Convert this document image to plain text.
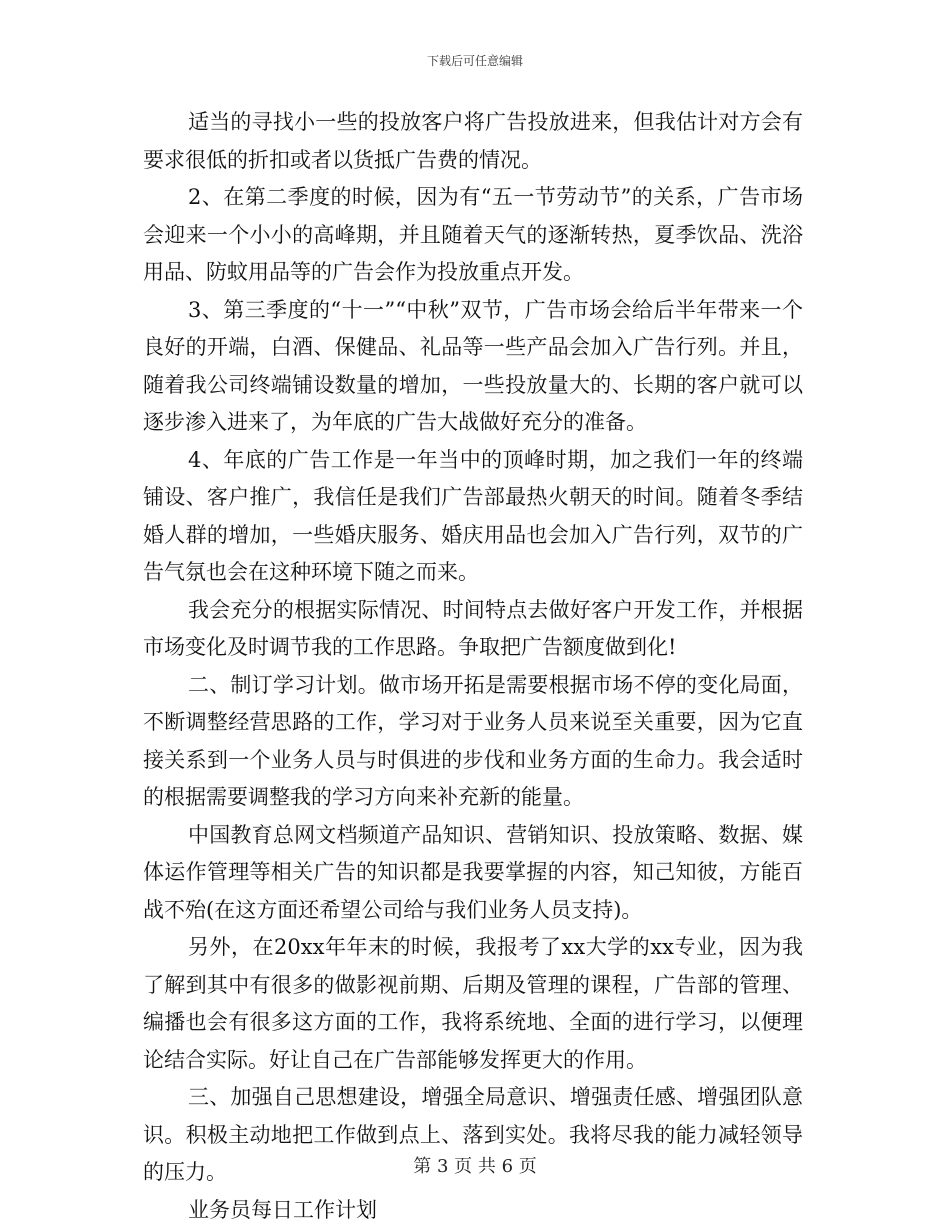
下载后可任意编辑

适当的寻找小一些的投放客户将广告投放进来，但我估计对方会有要求很低的折扣或者以货抵广告费的情况。

2、在第二季度的时候，因为有“五一节劳动节”的关系，广告市场会迎来一个小小的高峰期，并且随着天气的逐渐转热，夏季饮品、洗浴用品、防蚊用品等的广告会作为投放重点开发。

3、第三季度的“十一”“中秋”双节，广告市场会给后半年带来一个良好的开端，白酒、保健品、礼品等一些产品会加入广告行列。并且，随着我公司终端铺设数量的增加，一些投放量大的、长期的客户就可以逐步渗入进来了，为年底的广告大战做好充分的准备。

4、年底的广告工作是一年当中的顶峰时期，加之我们一年的终端铺设、客户推广，我信任是我们广告部最热火朝天的时间。随着冬季结婚人群的增加，一些婚庆服务、婚庆用品也会加入广告行列，双节的广告气氛也会在这种环境下随之而来。

我会充分的根据实际情况、时间特点去做好客户开发工作，并根据市场变化及时调节我的工作思路。争取把广告额度做到化!

二、制订学习计划。做市场开拓是需要根据市场不停的变化局面，不断调整经营思路的工作，学习对于业务人员来说至关重要，因为它直接关系到一个业务人员与时俱进的步伐和业务方面的生命力。我会适时的根据需要调整我的学习方向来补充新的能量。

中国教育总网文档频道产品知识、营销知识、投放策略、数据、媒体运作管理等相关广告的知识都是我要掌握的内容，知己知彼，方能百战不殆(在这方面还希望公司给与我们业务人员支持)。

另外，在20xx年年末的时候，我报考了xx大学的xx专业，因为我了解到其中有很多的做影视前期、后期及管理的课程，广告部的管理、编播也会有很多这方面的工作，我将系统地、全面的进行学习，以便理论结合实际。好让自己在广告部能够发挥更大的作用。

三、加强自己思想建设，增强全局意识、增强责任感、增强团队意识。积极主动地把工作做到点上、落到实处。我将尽我的能力减轻领导的压力。

业务员每日工作计划

第 3 页 共 6 页
